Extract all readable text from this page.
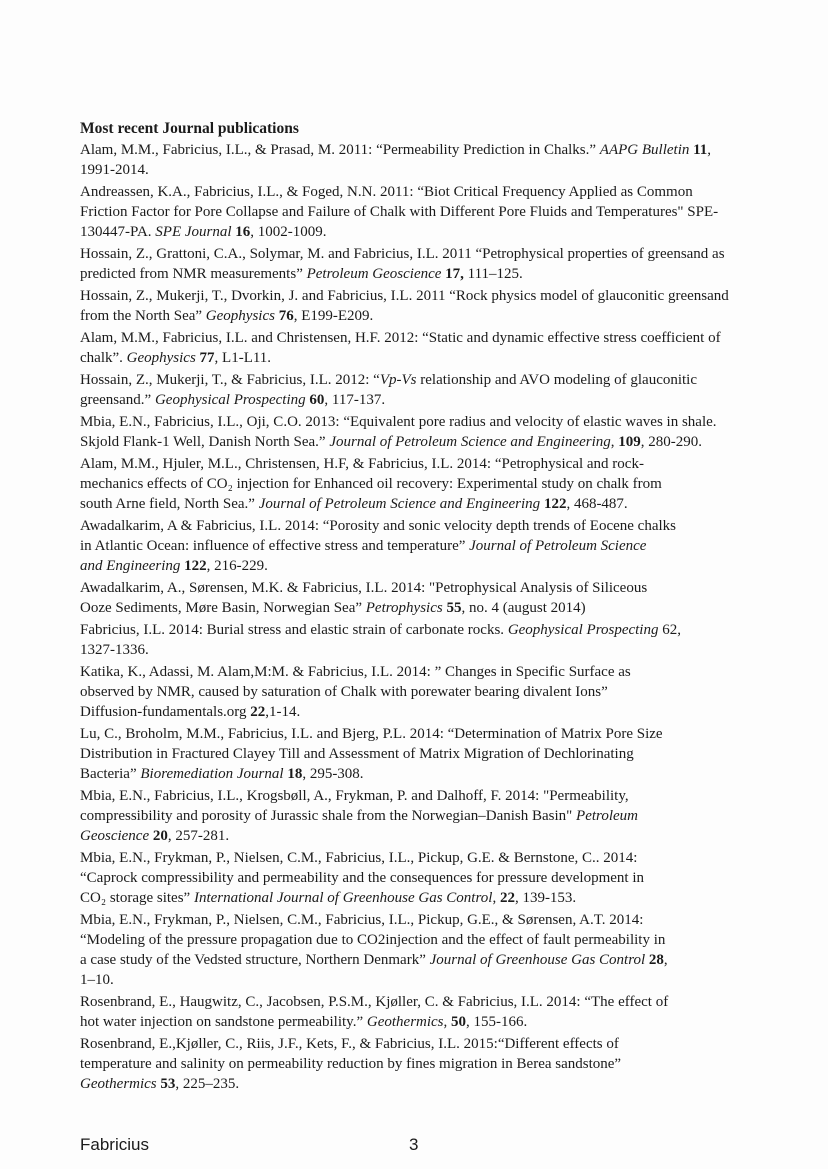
Most recent Journal publications
Alam, M.M., Fabricius, I.L., & Prasad, M. 2011: “Permeability Prediction in Chalks.” AAPG Bulletin 11,
1991-2014.
Andreassen, K.A., Fabricius, I.L., & Foged, N.N. 2011: “Biot Critical Frequency Applied as Common
Friction Factor for Pore Collapse and Failure of Chalk with Different Pore Fluids and Temperatures" SPE-
130447-PA. SPE Journal 16, 1002-1009.
Hossain, Z., Grattoni, C.A., Solymar, M. and Fabricius, I.L. 2011 “Petrophysical properties of greensand as
predicted from NMR measurements” Petroleum Geoscience 17, 111–125.
Hossain, Z., Mukerji, T., Dvorkin, J. and Fabricius, I.L. 2011 “Rock physics model of glauconitic greensand
from the North Sea” Geophysics 76, E199-E209.
Alam, M.M., Fabricius, I.L. and Christensen, H.F. 2012: “Static and dynamic effective stress coefficient of
chalk”. Geophysics 77, L1-L11.
Hossain, Z., Mukerji, T., & Fabricius, I.L. 2012: “Vp-Vs relationship and AVO modeling of glauconitic
greensand.” Geophysical Prospecting 60, 117-137.
Mbia, E.N., Fabricius, I.L., Oji, C.O. 2013: “Equivalent pore radius and velocity of elastic waves in shale.
Skjold Flank-1 Well, Danish North Sea.” Journal of Petroleum Science and Engineering, 109, 280-290.
Alam, M.M., Hjuler, M.L., Christensen, H.F, & Fabricius, I.L. 2014: “Petrophysical and rock-
mechanics effects of CO₂ injection for Enhanced oil recovery: Experimental study on chalk from
south Arne field, North Sea.” Journal of Petroleum Science and Engineering 122, 468-487.
Awadalkarim, A & Fabricius, I.L. 2014: “Porosity and sonic velocity depth trends of Eocene chalks
in Atlantic Ocean: influence of effective stress and temperature” Journal of Petroleum Science
and Engineering 122, 216-229.
Awadalkarim, A., Sørensen, M.K. & Fabricius, I.L. 2014: "Petrophysical Analysis of Siliceous
Ooze Sediments, Møre Basin, Norwegian Sea” Petrophysics 55, no. 4 (august 2014)
Fabricius, I.L. 2014: Burial stress and elastic strain of carbonate rocks. Geophysical Prospecting 62,
1327-1336.
Katika, K., Adassi, M. Alam,M:M. & Fabricius, I.L. 2014: ” Changes in Specific Surface as
observed by NMR, caused by saturation of Chalk with porewater bearing divalent Ions”
Diffusion-fundamentals.org 22,1-14.
Lu, C., Broholm, M.M., Fabricius, I.L. and Bjerg, P.L. 2014: “Determination of Matrix Pore Size
Distribution in Fractured Clayey Till and Assessment of Matrix Migration of Dechlorinating
Bacteria” Bioremediation Journal 18, 295-308.
Mbia, E.N., Fabricius, I.L., Krogsbøll, A., Frykman, P. and Dalhoff, F. 2014: "Permeability,
compressibility and porosity of Jurassic shale from the Norwegian–Danish Basin" Petroleum
Geoscience 20, 257-281.
Mbia, E.N., Frykman, P., Nielsen, C.M., Fabricius, I.L., Pickup, G.E. & Bernstone, C.. 2014:
“Caprock compressibility and permeability and the consequences for pressure development in
CO₂ storage sites” International Journal of Greenhouse Gas Control, 22, 139-153.
Mbia, E.N., Frykman, P., Nielsen, C.M., Fabricius, I.L., Pickup, G.E., & Sørensen, A.T. 2014:
“Modeling of the pressure propagation due to CO2injection and the effect of fault permeability in
a case study of the Vedsted structure, Northern Denmark” Journal of Greenhouse Gas Control 28,
1–10.
Rosenbrand, E., Haugwitz, C., Jacobsen, P.S.M., Kjøller, C. & Fabricius, I.L. 2014: “The effect of
hot water injection on sandstone permeability.” Geothermics, 50, 155-166.
Rosenbrand, E.,Kjøller, C., Riis, J.F., Kets, F., & Fabricius, I.L. 2015:“Different effects of
temperature and salinity on permeability reduction by fines migration in Berea sandstone”
Geothermics 53, 225–235.
Fabricius	3
